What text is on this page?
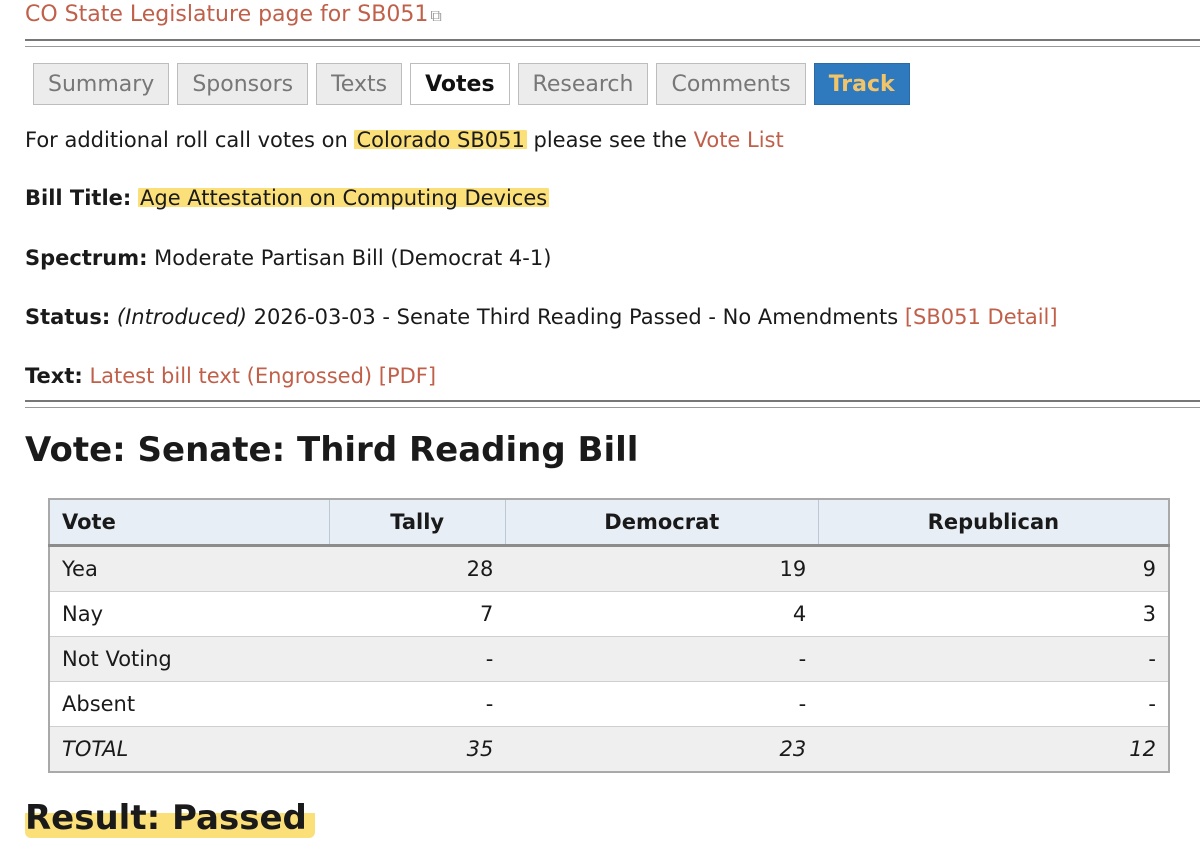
CO State Legislature page for SB051 ⧉
Summary	Sponsors	Texts	Votes	Research	Comments	Track
For additional roll call votes on Colorado SB051 please see the Vote List
Bill Title: Age Attestation on Computing Devices
Spectrum: Moderate Partisan Bill (Democrat 4-1)
Status: (Introduced) 2026-03-03 - Senate Third Reading Passed - No Amendments [SB051 Detail]
Text: Latest bill text (Engrossed) [PDF]
Vote: Senate: Third Reading Bill
Vote	Tally	Democrat	Republican
Yea	28	19	9
Nay	7	4	3
Not Voting	-	-	-
Absent	-	-	-
TOTAL	35	23	12
Result: Passed
